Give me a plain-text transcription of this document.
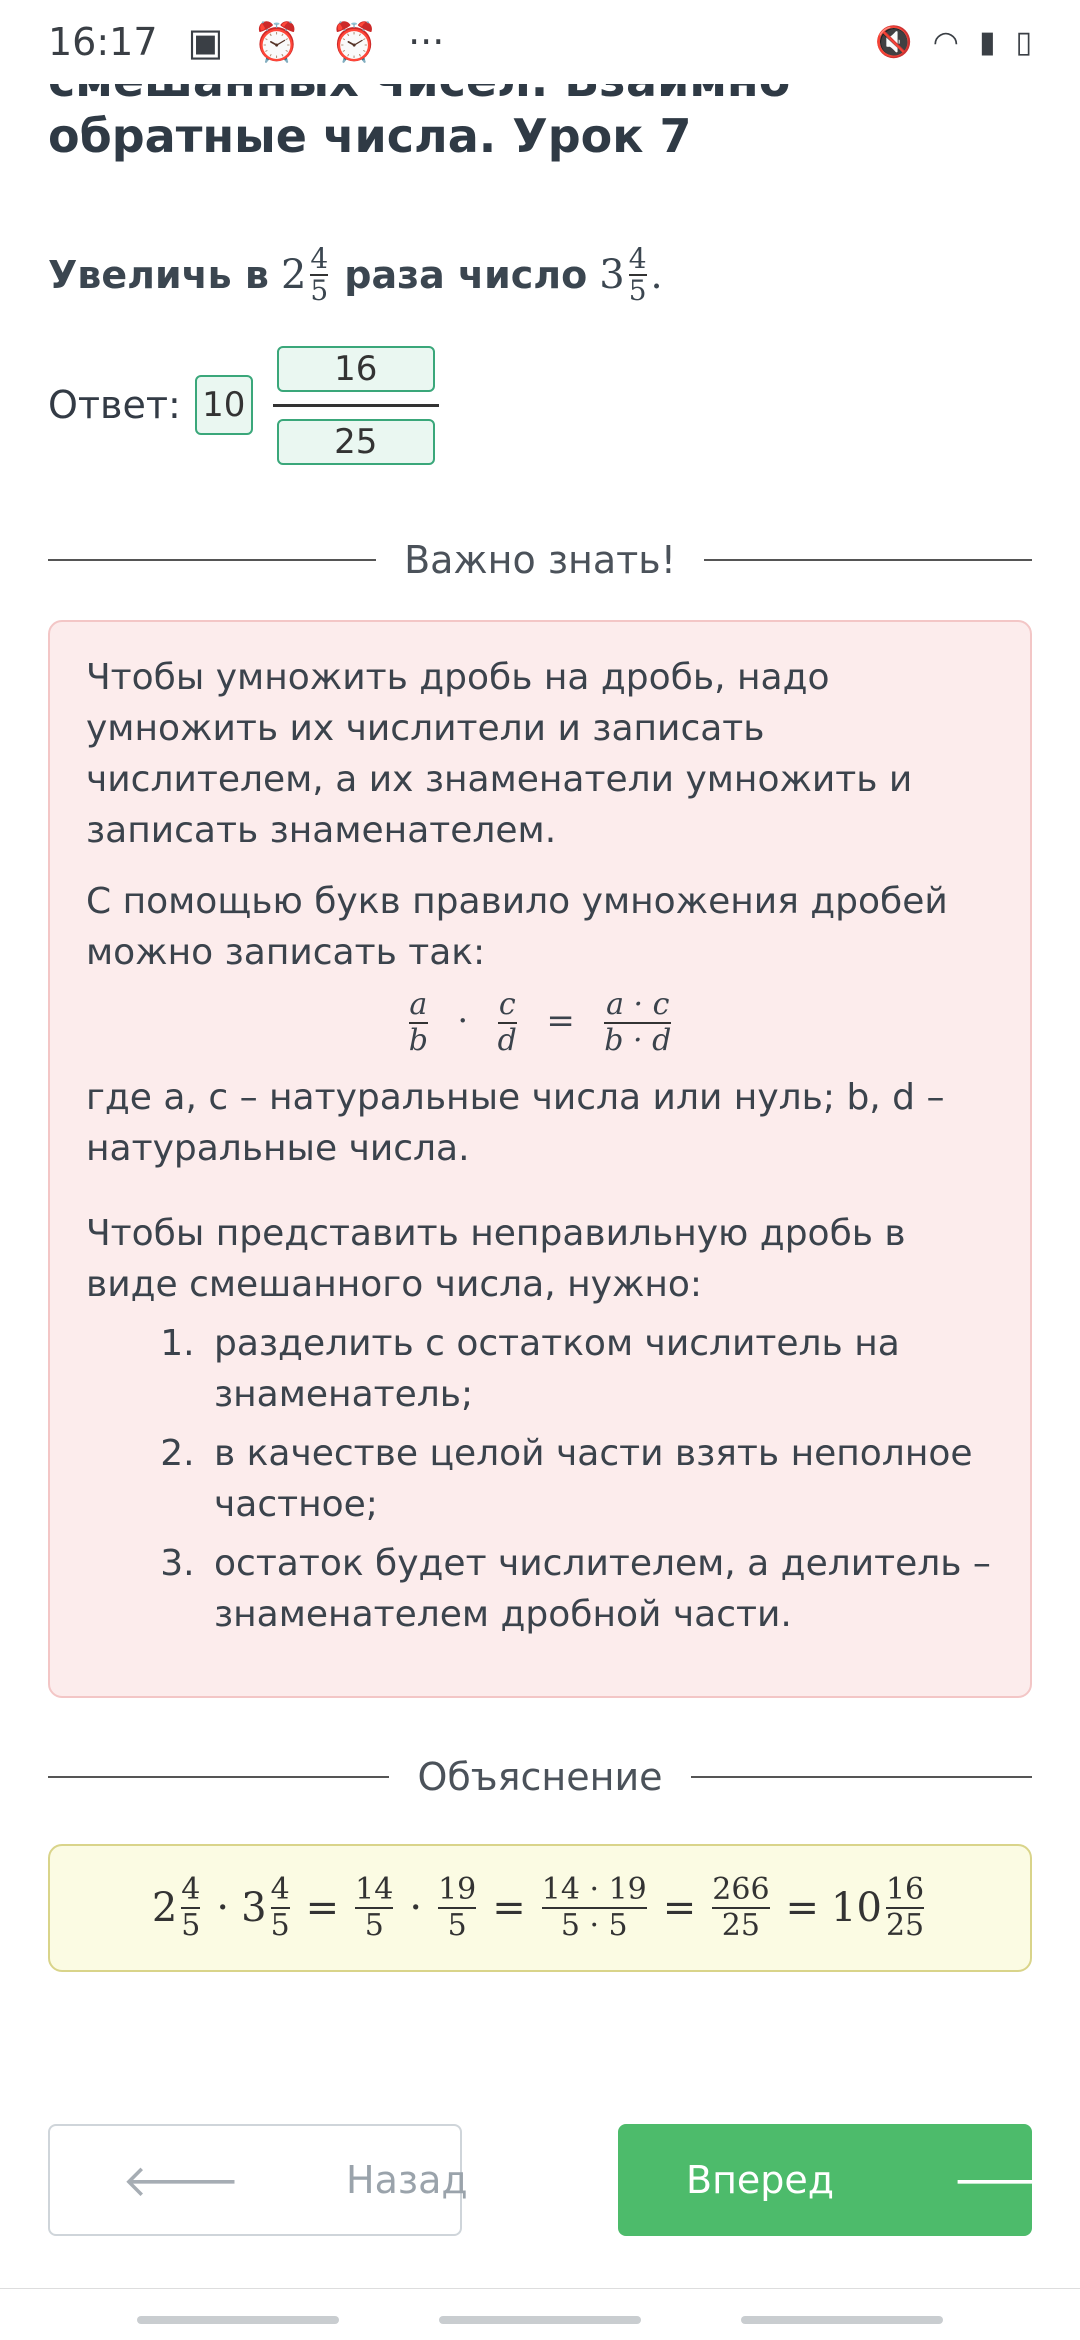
16:17 ▣ ⏰ ⏰ ···	🔇 ◠ ▮ ▯
обратные числа. Урок 7
Увеличь в $2 \frac{4}{5}$ раза число $3 \frac{4}{5}$ .
Ответ: $10 \frac{16}{25}$
Важно знать!

Чтобы умножить дробь на дробь, надо умножить их числители и записать числителем, а их знаменатели умножить и записать знаменателем.

С помощью букв правило умножения дробей можно записать так:

$\frac{a}{b} \cdot \frac{c}{d} = \frac{a \cdot c}{b \cdot d}$

где a, c – натуральные числа или нуль; b, d – натуральные числа.

Чтобы представить неправильную дробь в виде смешанного числа, нужно:

1. разделить с остатком числитель на знаменатель;
2. в качестве целой части взять неполное частное;
3. остаток будет числителем, а делитель – знаменателем дробной части.
Объяснение
$2 \frac{4}{5} \cdot 3 \frac{4}{5} = \frac{14}{5} \cdot \frac{19}{5} = \frac{14 \cdot 19}{5 \cdot 5} = \frac{266}{25} = 10 \frac{16}{25}$
🡐	Назад	Вперед	🡒
